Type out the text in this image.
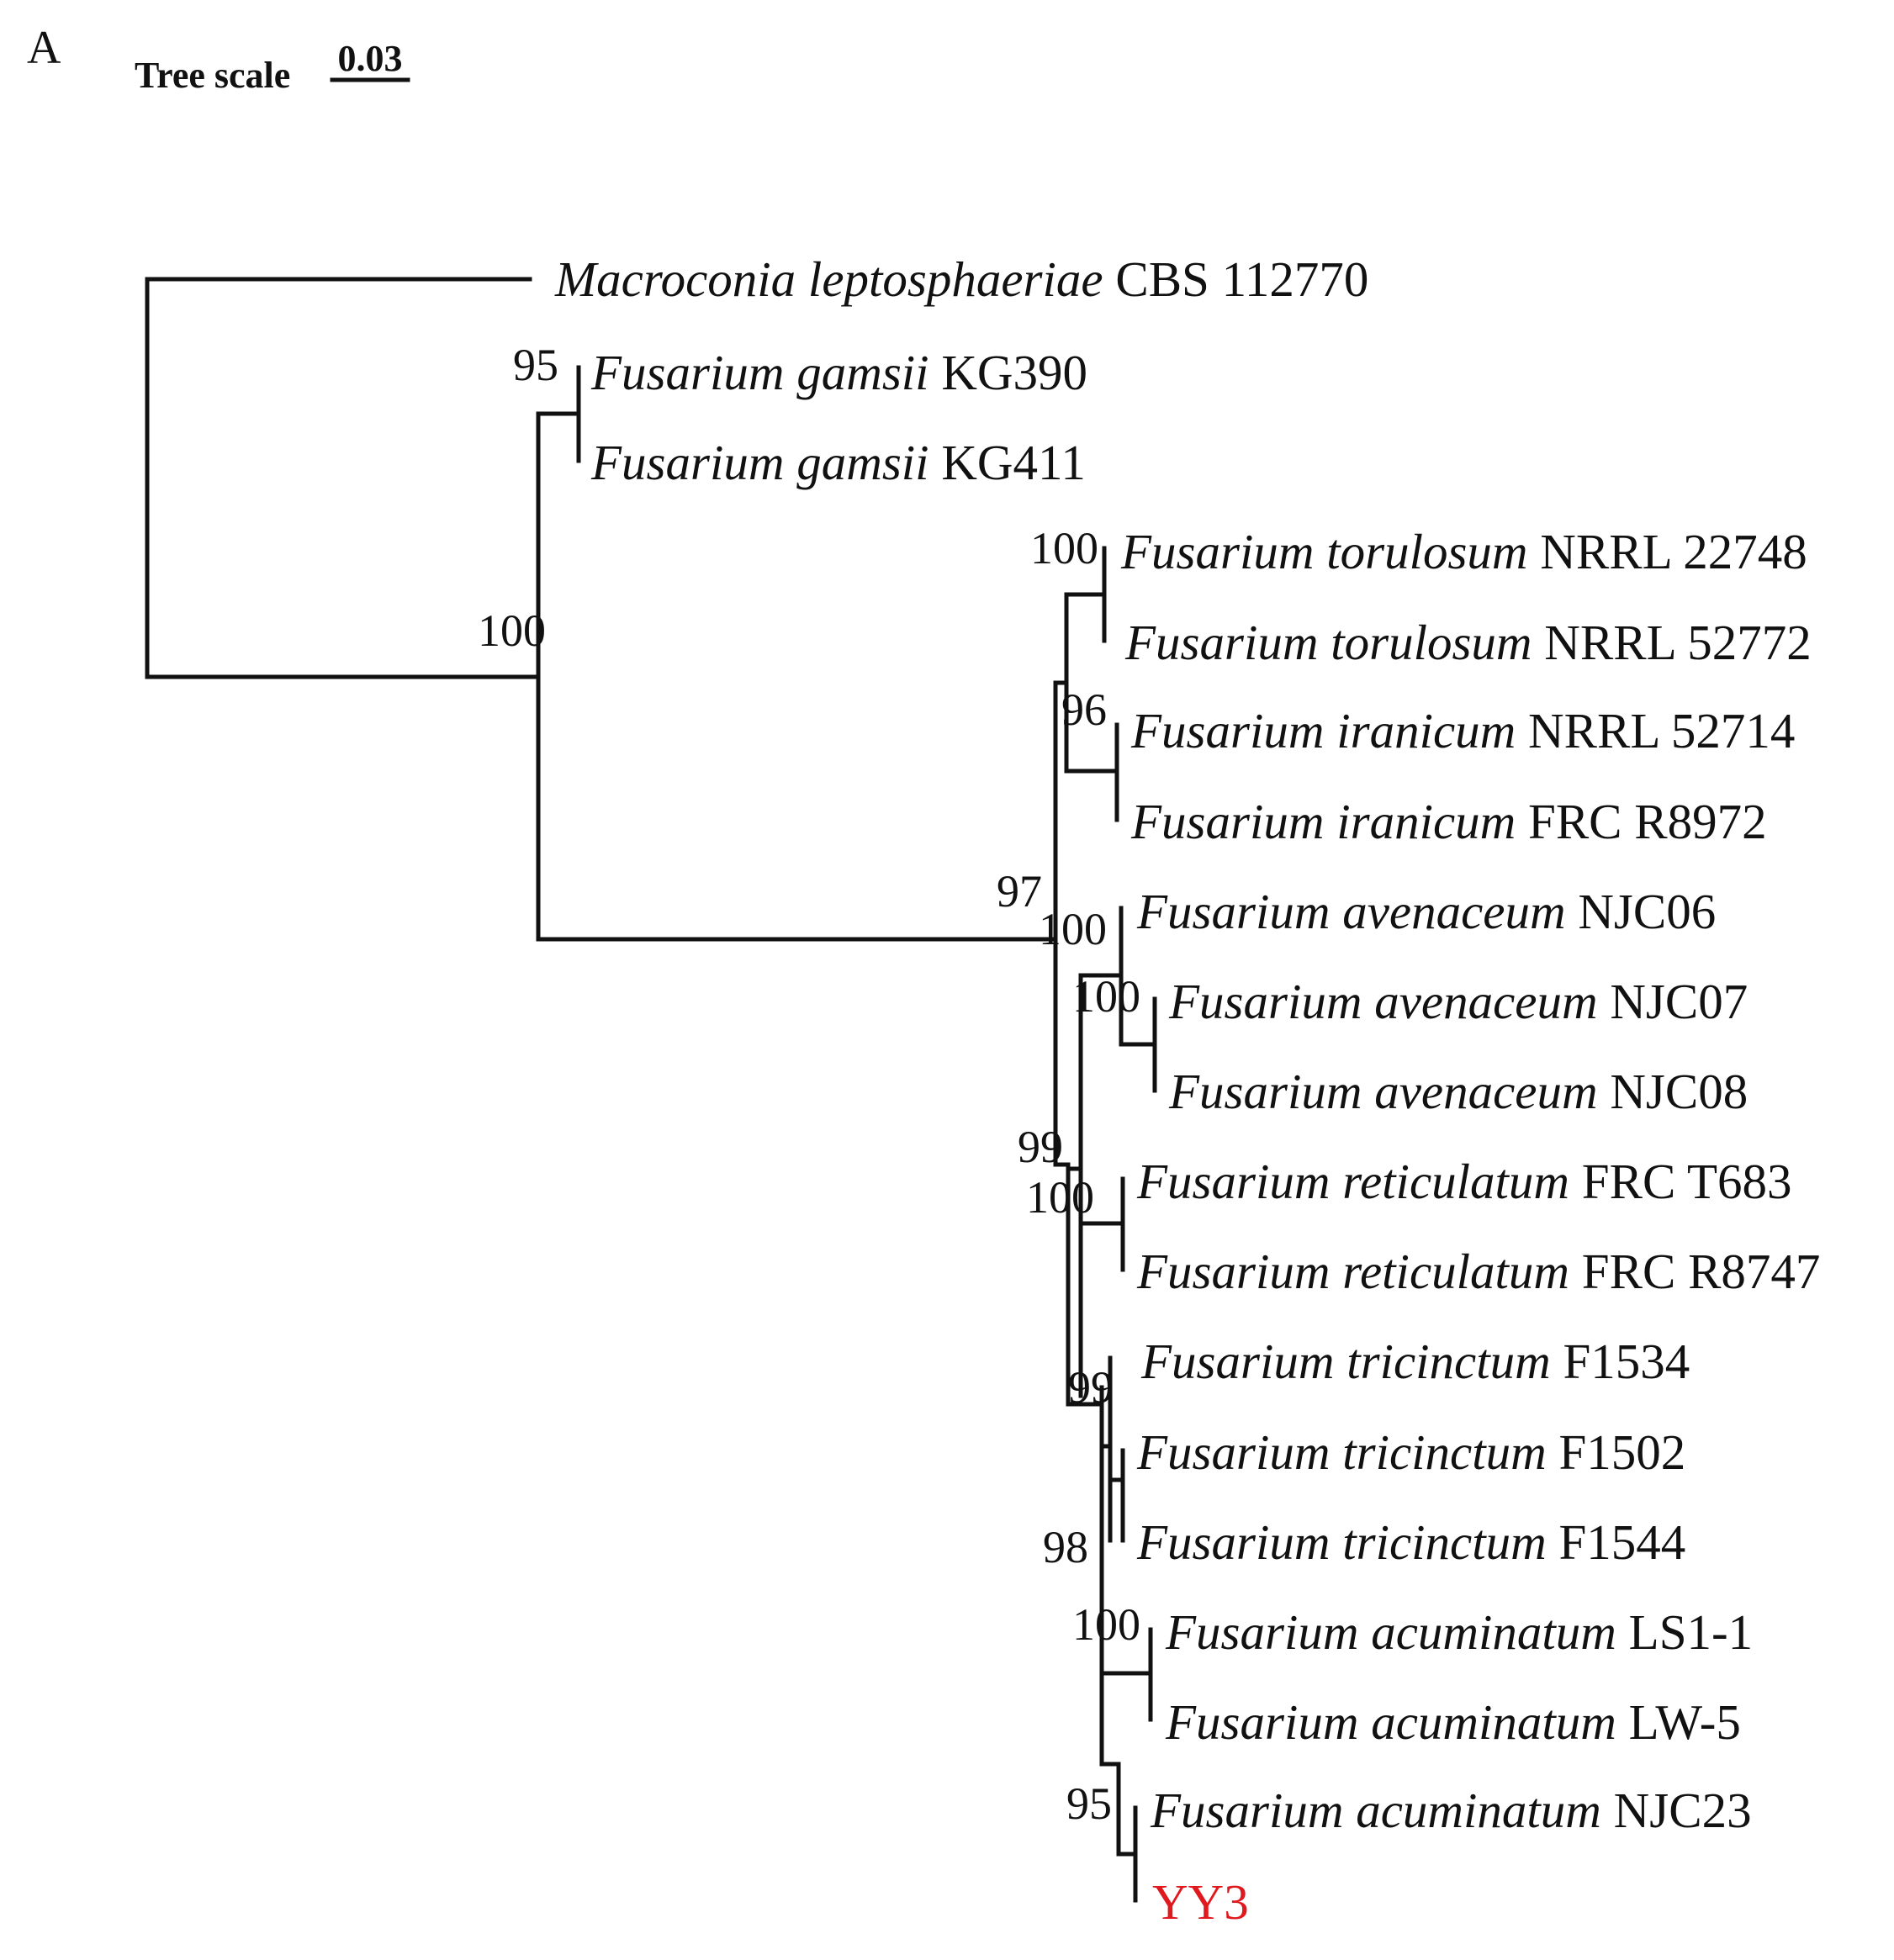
A
Tree scale 0.03
Macroconia leptosphaeriae CBS 112770
Fusarium gamsii KG390
Fusarium gamsii KG411
Fusarium torulosum NRRL 22748
Fusarium torulosum NRRL 52772
Fusarium iranicum NRRL 52714
Fusarium iranicum FRC R8972
Fusarium avenaceum NJC06
Fusarium avenaceum NJC07
Fusarium avenaceum NJC08
Fusarium reticulatum FRC T683
Fusarium reticulatum FRC R8747
Fusarium tricinctum F1534
Fusarium tricinctum F1502
Fusarium tricinctum F1544
Fusarium acuminatum LS1-1
Fusarium acuminatum LW-5
Fusarium acuminatum NJC23
YY3
95
100
100
96
97
100
100
99
100
99
98
100
95
